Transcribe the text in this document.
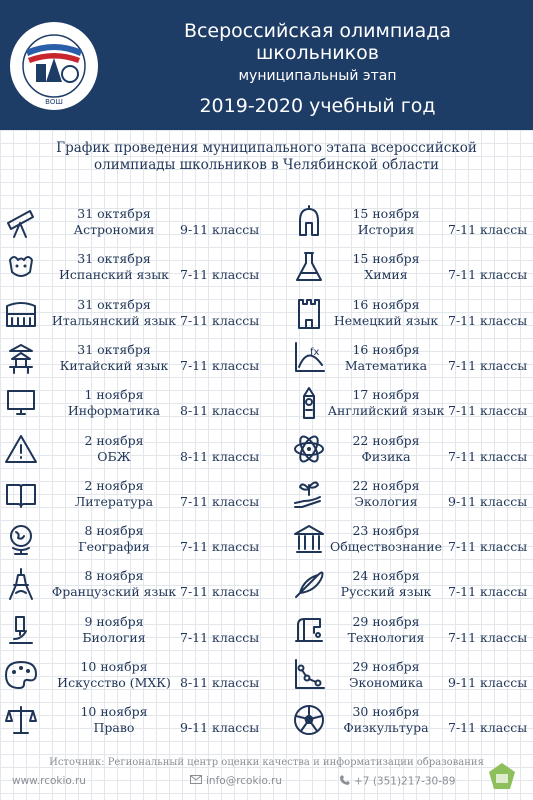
ВОШ
Всероссийская олимпиада
школьников
муниципальный этап
2019-2020 учебный год
График проведения муниципального этапа всероссийской
олимпиады школьников в Челябинской области
31 октября
Астрономия	9-11 классы
31 октября
Испанский язык 7-11 классы
31 октября
Итальянский язык 7-11 классы
31 октября
Китайский язык 7-11 классы
1 ноября
Информатика	8-11 классы
2 ноября
ОБЖ	8-11 классы
2 ноября
Литература	7-11 классы
8 ноября
География	7-11 классы
8 ноября
Французский язык 7-11 классы
9 ноября
Биология	7-11 классы
10 ноября
Искусство (МХК) 8-11 классы
10 ноября
Право	9-11 классы
15 ноября
История	7-11 классы
15 ноября
Химия	7-11 классы
16 ноября
Немецкий язык 7-11 классы
fx	16 ноября
Математика	7-11 классы
17 ноября
Английский язык 7-11 классы
22 ноября
Физика	7-11 классы
22 ноября
Экология	9-11 классы
23 ноября
Обществознание 7-11 классы
24 ноября
Русский язык	7-11 классы
29 ноября
Технология	7-11 классы
29 ноября
Экономика	9-11 классы
30 ноября
Физкультура	7-11 классы
Источник: Региональный центр оценки качества и информатизации образования
www.rcokio.ru	info@rcokio.ru	+7 (351)217-30-89
